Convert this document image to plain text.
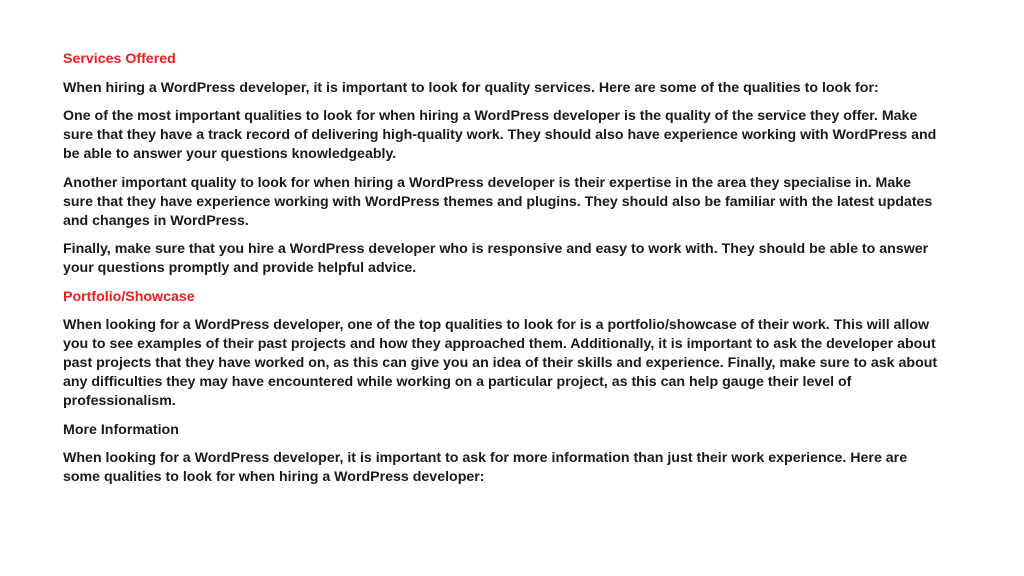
Services Offered

When hiring a WordPress developer, it is important to look for quality services. Here are some of the qualities to look for:

One of the most important qualities to look for when hiring a WordPress developer is the quality of the service they offer. Make sure that they have a track record of delivering high-quality work. They should also have experience working with WordPress and be able to answer your questions knowledgeably.

Another important quality to look for when hiring a WordPress developer is their expertise in the area they specialise in. Make sure that they have experience working with WordPress themes and plugins. They should also be familiar with the latest updates and changes in WordPress.

Finally, make sure that you hire a WordPress developer who is responsive and easy to work with. They should be able to answer your questions promptly and provide helpful advice.

Portfolio/Showcase

When looking for a WordPress developer, one of the top qualities to look for is a portfolio/showcase of their work. This will allow you to see examples of their past projects and how they approached them. Additionally, it is important to ask the developer about past projects that they have worked on, as this can give you an idea of their skills and experience. Finally, make sure to ask about any difficulties they may have encountered while working on a particular project, as this can help gauge their level of professionalism.

More Information

When looking for a WordPress developer, it is important to ask for more information than just their work experience. Here are some qualities to look for when hiring a WordPress developer:
